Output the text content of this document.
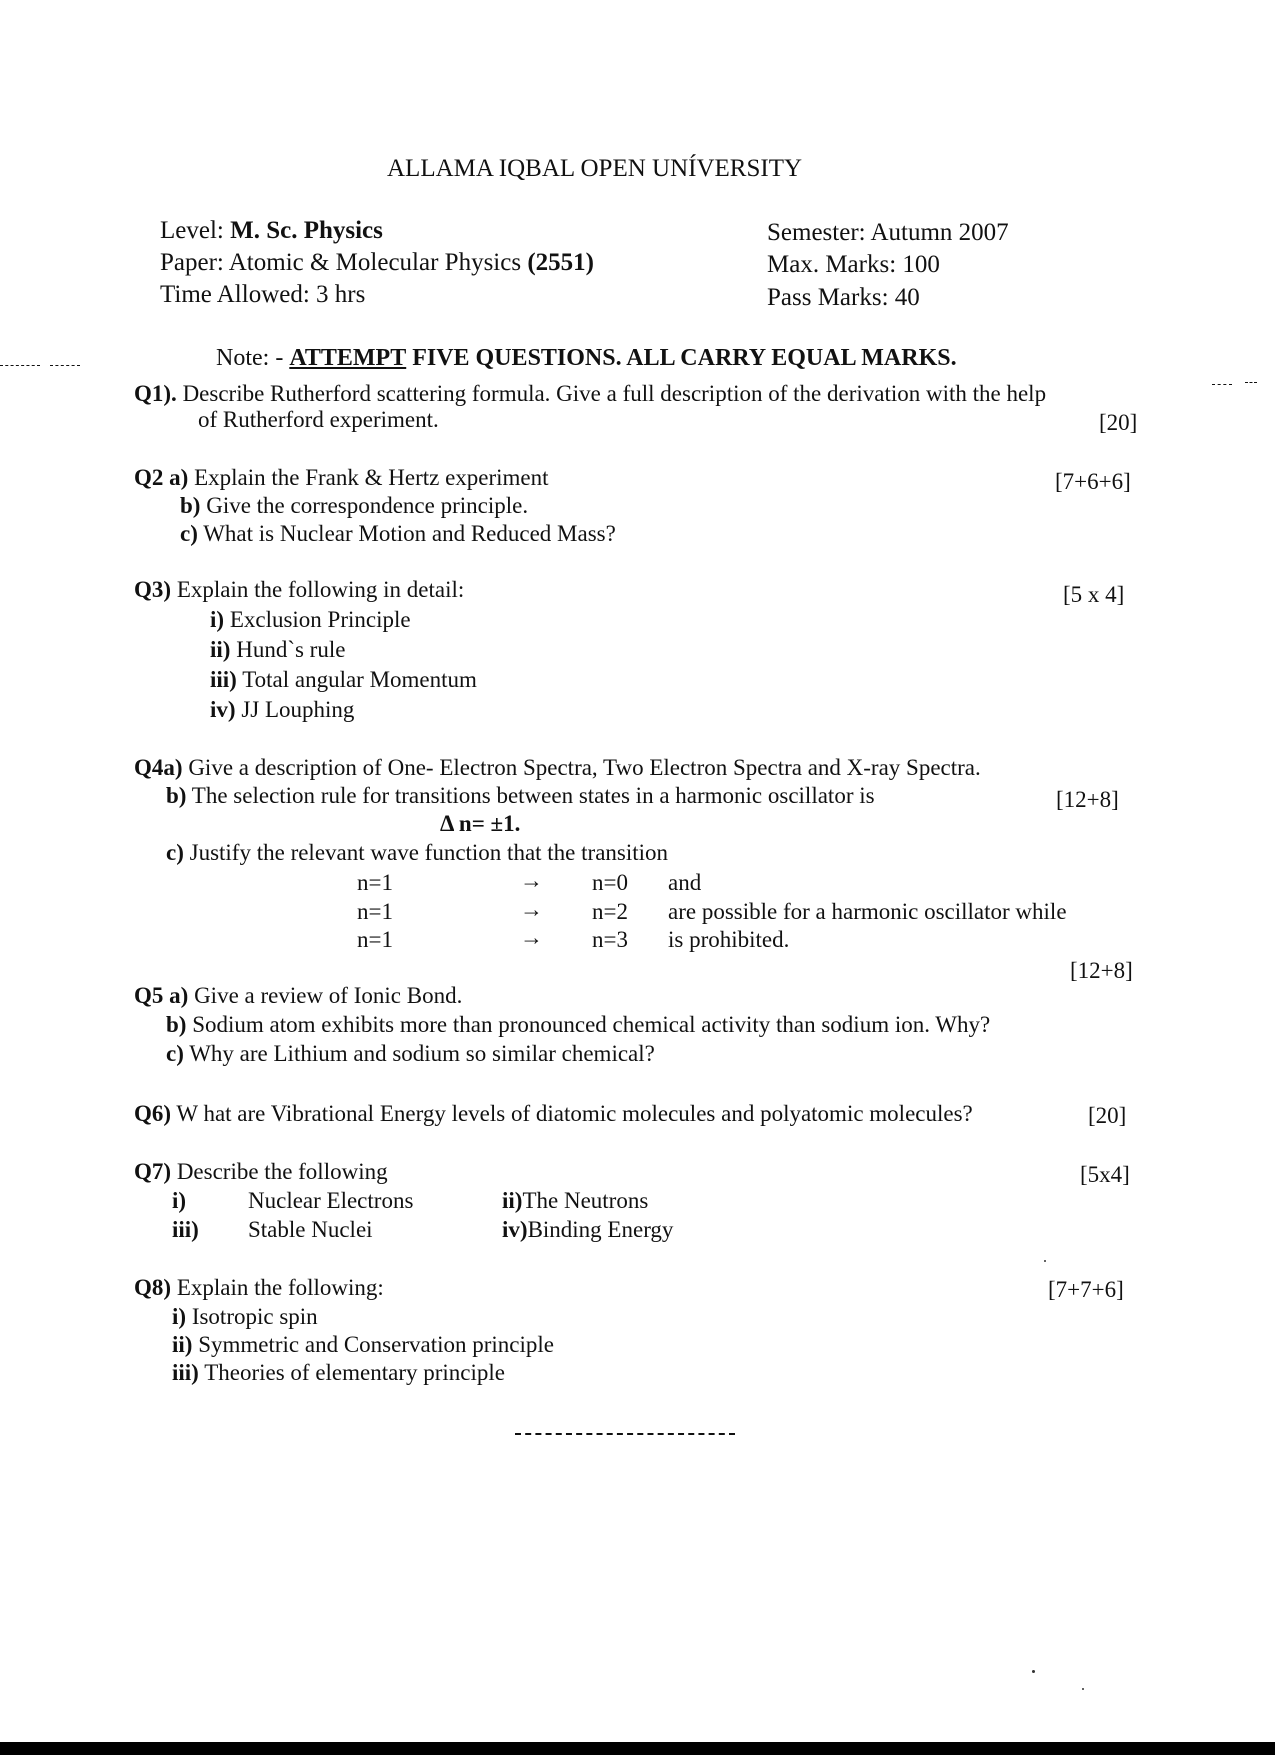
ALLAMA IQBAL OPEN UNÍVERSITY
Level: M. Sc. Physics
Paper: Atomic & Molecular Physics (2551)
Time Allowed: 3 hrs
Semester: Autumn 2007
Max. Marks: 100
Pass Marks: 40
Note: - ATTEMPT FIVE QUESTIONS. ALL CARRY EQUAL MARKS.
Q1). Describe Rutherford scattering formula. Give a full description of the derivation with the help
of Rutherford experiment.	[20]
Q2 a) Explain the Frank & Hertz experiment	[7+6+6]
b) Give the correspondence principle.
c) What is Nuclear Motion and Reduced Mass?
Q3) Explain the following in detail:	[5 x 4]
i) Exclusion Principle
ii) Hund`s rule
iii) Total angular Momentum
iv) JJ Louphing
Q4a) Give a description of One- Electron Spectra, Two Electron Spectra and X-ray Spectra.
b) The selection rule for transitions between states in a harmonic oscillator is	[12+8]
Δ n= ±1.
c) Justify the relevant wave function that the transition
n=1	→ n=0 and
n=1	→ n=2 are possible for a harmonic oscillator while
n=1	→ n=3 is prohibited.
[12+8]
Q5 a) Give a review of Ionic Bond.
b) Sodium atom exhibits more than pronounced chemical activity than sodium ion. Why?
c) Why are Lithium and sodium so similar chemical?
Q6) W hat are Vibrational Energy levels of diatomic molecules and polyatomic molecules?	[20]
Q7) Describe the following	[5x4]
i)	Nuclear Electrons	ii)The Neutrons
iii) Stable Nuclei	iv)Binding Energy
Q8) Explain the following:	[7+7+6]
i) Isotropic spin
ii) Symmetric and Conservation principle
iii) Theories of elementary principle
